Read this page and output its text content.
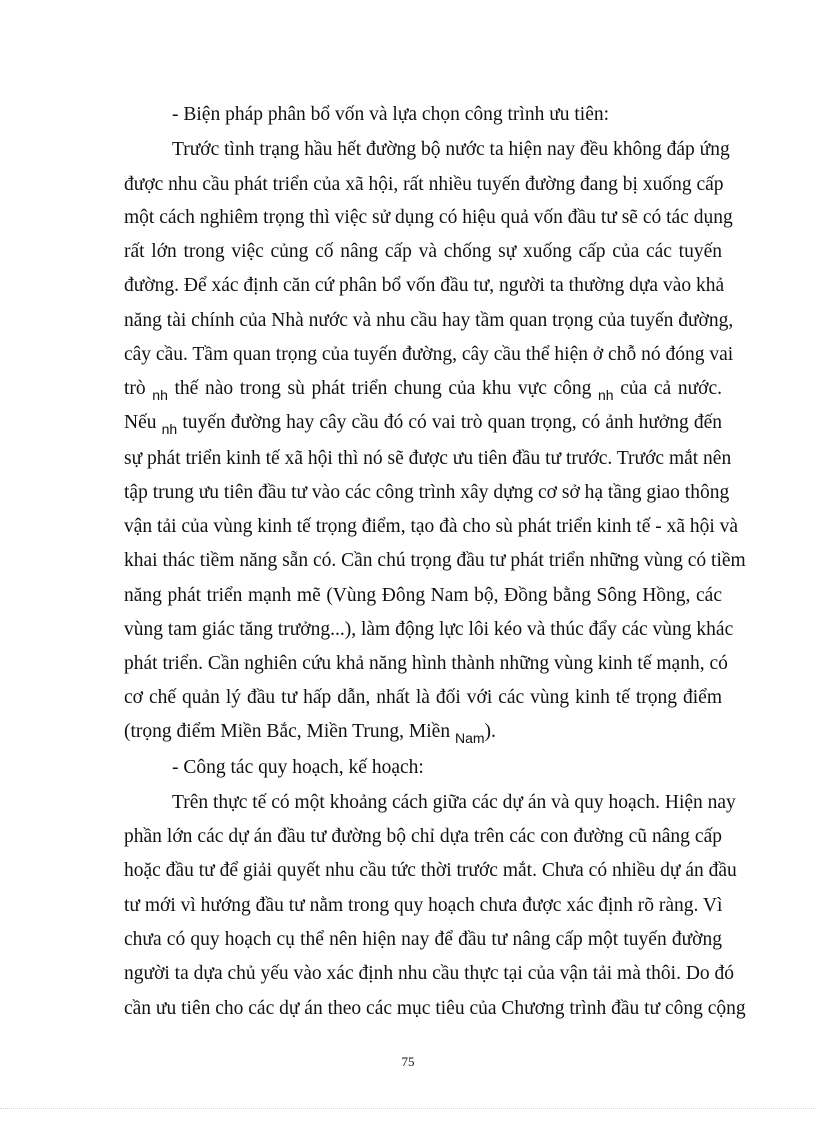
- Biện pháp phân bổ vốn và lựa chọn công trình ưu tiên:
Trước tình trạng hầu hết đường bộ nước ta hiện nay đều không đáp ứng
được nhu cầu phát triển của xã hội, rất nhiều tuyến đường đang bị xuống cấp
một cách nghiêm trọng thì việc sử dụng có hiệu quả vốn đầu tư sẽ có tác dụng
rất lớn trong việc củng cố nâng cấp và chống sự xuống cấp của các tuyến
đường. Để xác định căn cứ phân bổ vốn đầu tư, người ta thường dựa vào khả
năng tài chính của Nhà nước và nhu cầu hay tầm quan trọng của tuyến đường,
cây cầu. Tầm quan trọng của tuyến đường, cây cầu thể hiện ở chỗ nó đóng vai
trò $_{nh}$ thế nào trong sù phát triển chung của khu vực công $_{nh}$ của cả nước.
Nếu $_{nh}$ tuyến đường hay cây cầu đó có vai trò quan trọng, có ảnh hưởng đến
sự phát triển kinh tế xã hội thì nó sẽ được ưu tiên đầu tư trước. Trước mắt nên
tập trung ưu tiên đầu tư vào các công trình xây dựng cơ sở hạ tầng giao thông
vận tải của vùng kinh tế trọng điểm, tạo đà cho sù phát triển kinh tế - xã hội và
khai thác tiềm năng sẵn có. Cần chú trọng đầu tư phát triển những vùng có tiềm
năng phát triển mạnh mẽ (Vùng Đông Nam bộ, Đồng bằng Sông Hồng, các
vùng tam giác tăng trưởng...), làm động lực lôi kéo và thúc đẩy các vùng khác
phát triển. Cần nghiên cứu khả năng hình thành những vùng kinh tế mạnh, có
cơ chế quản lý đầu tư hấp dẫn, nhất là đối với các vùng kinh tế trọng điểm
(trọng điểm Miền Bắc, Miền Trung, Miền $_{Nam}$).
- Công tác quy hoạch, kế hoạch:
Trên thực tế có một khoảng cách giữa các dự án và quy hoạch. Hiện nay
phần lớn các dự án đầu tư đường bộ chỉ dựa trên các con đường cũ nâng cấp
hoặc đầu tư để giải quyết nhu cầu tức thời trước mắt. Chưa có nhiều dự án đầu
tư mới vì hướng đầu tư nằm trong quy hoạch chưa được xác định rõ ràng. Vì
chưa có quy hoạch cụ thể nên hiện nay để đầu tư nâng cấp một tuyến đường
người ta dựa chủ yếu vào xác định nhu cầu thực tại của vận tải mà thôi. Do đó
cần ưu tiên cho các dự án theo các mục tiêu của Chương trình đầu tư công cộng
75
